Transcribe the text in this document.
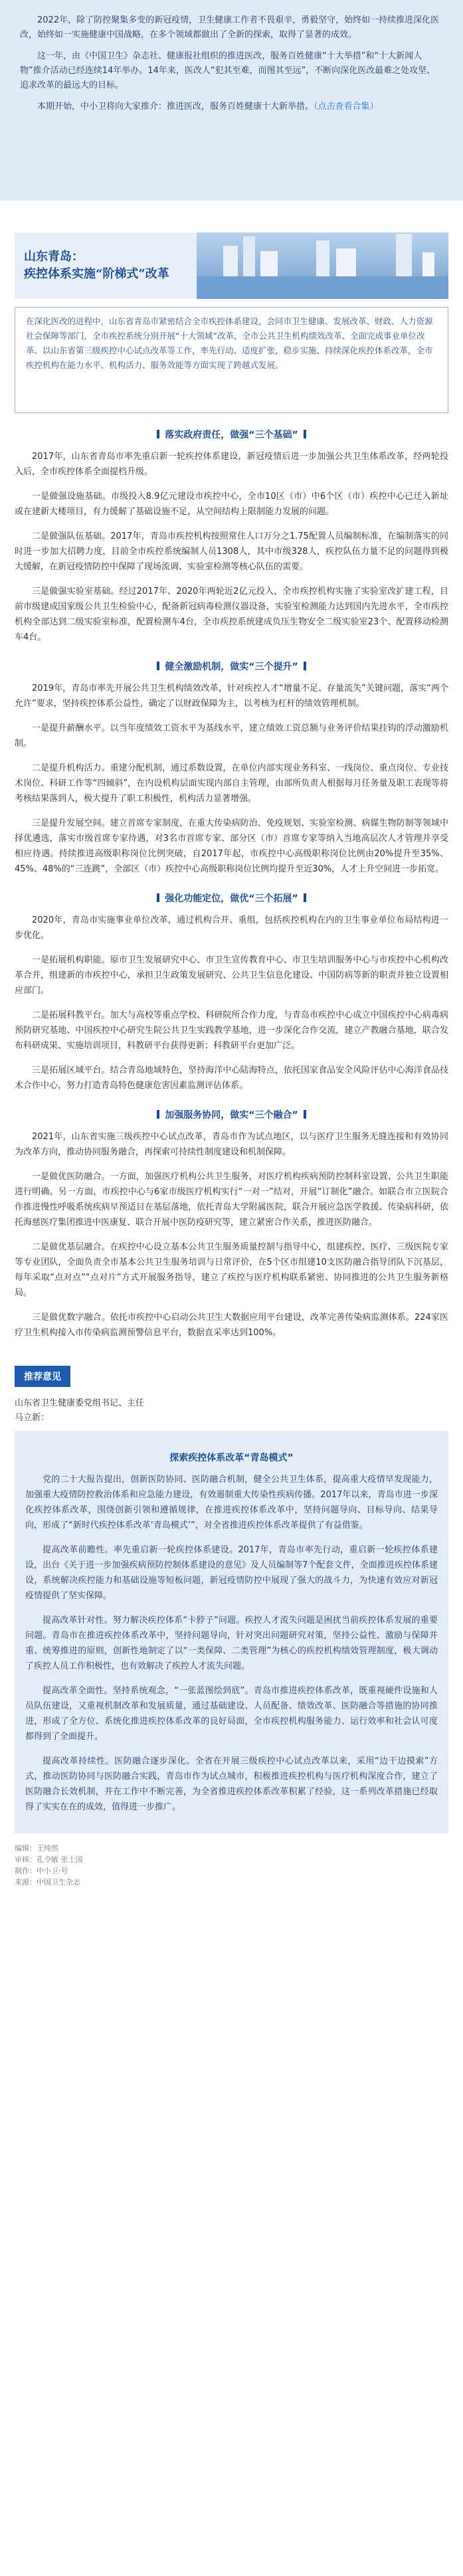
2022年，除了防控聚集多变的新冠疫情，卫生健康工作者不畏艰辛，勇毅坚守，始终如一持续推进深化医改，始终如一实施健康中国战略，在多个领域都做出了全新的探索，取得了显著的成效。

这一年，由《中国卫生》杂志社、健康报社组织的推进医改，服务百姓健康“十大举措”和“十大新闻人物”推介活动已经连续14年举办。14年来，医改人“犯其至难，而图其至远”，不断向深化医改最难之处攻坚、追求改革的最远大的目标。

本期开始，中小卫将向大家推介：推进医改，服务百姓健康十大新举措。（点击查看合集）

山东青岛：
疾控体系实施“阶梯式”改革
在深化医改的进程中，山东省青岛市紧密结合全市疾控体系建设，会同市卫生健康、发展改革、财政、人力资源社会保障等部门，全市疾控系统分别开展“十大领域”改革，全市公共卫生机构绩效改革、全面完成事业单位改革、以山东省第三级疾控中心试点改革等工作，率先行动、适度扩张，稳步实施、持续深化疾控体系改革，全市疾控机构在能力水平、机构活力、服务效能等方面实现了跨越式发展。
落实政府责任，做强“三个基础”

2017年，山东省青岛市率先重启新一轮疾控体系建设，新冠疫情后进一步加强公共卫生体系改革，经两轮投入后，全市疾控体系全面提档升级。

一是做强设施基础。市级投入8.9亿元建设市疾控中心，全市10区（市）中6个区（市）疾控中心已迁入新址或在建新大楼项目，有力缓解了基础设施不足，从空间结构上限制能力发展的问题。

二是做强队伍基础。2017年，青岛市疾控机构按照常住人口万分之1.75配置人员编制标准，在编制落实的同时进一步加大招聘力度，目前全市疾控系统编制人员1308人，其中市级328人，疾控队伍力量不足的问题得到极大缓解，在新冠疫情防控中保障了现场流调、实验室检测等核心队伍的需要。

三是做强实验室基础。经过2017年、2020年两轮近2亿元投入，全市疾控机构实施了实验室改扩建工程，目前市级建成国家级公共卫生检验中心，配备新冠病毒检测仪器设备，实验室检测能力达到国内先进水平，全市疾控机构全部达到二级实验室标准，配置检测车4台，全市疾控系统建成负压生物安全二级实验室23个、配置移动检测车4台。

健全激励机制，做实“三个提升”

2019年，青岛市率先开展公共卫生机构绩效改革，针对疾控人才“增量不足、存量流失”关键问题，落实“两个允许”要求，坚持疾控体系公益性，确定了以财政保障为主，以考核为杠杆的绩效管理机制。

一是提升薪酬水平。以当年度绩效工资水平为基线水平，建立绩效工资总额与业务评价结果挂钩的浮动激励机制。

二是提升机构活力。重建分配机制，通过系数设置，在单位内部实现业务科室、一线岗位、重点岗位、专业技术岗位、科研工作等“四倾斜”，在内设机构层面实现内部自主管理，由部所负责人根据每月任务量及职工表现等将考核结果落到人，极大提升了职工积极性，机构活力显著增强。

三是提升发展空间。建立首席专家制度，在重大传染病防治、免疫规划、实验室检测、病媒生物防制等领域中择优遴选，落实市级首席专家待遇，对3名市首席专家、部分区（市）首席专家等纳入当地高层次人才管理并享受相应待遇。持续推进高级职称岗位比例突破，自2017年起，市疾控中心高级职称岗位比例由20%提升至35%、45%、48%的“三连跳”，全部区（市）疾控中心高级职称岗位比例均提升至近30%，人才上升空间进一步拓宽。

强化功能定位，做优“三个拓展”

2020年，青岛市实施事业单位改革，通过机构合并、重组，包括疾控机构在内的卫生事业单位布局结构进一步优化。

一是拓展机构职能。原市卫生发展研究中心、市卫生宣传教育中心、市卫生培训服务中心与市疾控中心机构改革合并，组建新的市疾控中心，承担卫生政策发展研究、公共卫生信息化建设、中国防病等新的职责并独立设置相应部门。

二是拓展科教平台。加大与高校等重点学校、科研院所合作力度，与青岛市疾控中心成立中国疾控中心病毒病预防研究基地、中国疾控中心研究生院公共卫生实践教学基地，进一步深化合作交流，建立产教融合基地，联合发布科研成果、实施培训项目，科教研平台获得更新；科教研平台更加广泛。

三是拓展区域平台。结合青岛地域特色，坚持海洋中心陆海特点，依托国家食品安全风险评估中心海洋食品技术合作中心，努力打造青岛特色健康危害因素监测评估体系。

加强服务协同，做实“三个融合”

2021年，山东省实施三级疾控中心试点改革，青岛市作为试点地区，以与医疗卫生服务无缝连接和有效协同为改革方向，推动协同服务融合，再探索可持续性制度建设和机制保障。

一是做优医防融合。一方面，加强医疗机构公共卫生服务，对医疗机构疾病预防控制科室设置、公共卫生职能进行明确。另一方面，市疾控中心与6家市级医疗机构实行“一对一”结对，开展“订制化”融合。如联合市立医院合作推进慢性呼吸系统疾病早预适目在基层落地，依托青岛大学附属医院，联合开展应急医学救援、传染病科研，依托海慈医疗集团推进中医康复、联合开展中医防疫研究等，建立紧密合作关系，推进医防融合。

二是做优基层融合。在疾控中心设立基本公共卫生服务质量控制与指导中心，组建疾控、医疗、三级医院专家等专业团队，全面负责全市基本公共卫生服务培训与日常评价，在5个区市组建10支医防融合指导团队下沉基层，每年采取“点对点”“点对片”方式开展服务指导，建立了疾控与医疗机构联系紧密、协同推进的公共卫生服务新格局。

三是做优数字融合。依托市疾控中心启动公共卫生大数据应用平台建设，改革完善传染病监测体系。224家医疗卫生机构接入市传染病监测预警信息平台，数据直采率达到100%。

推荐意见
山东省卫生健康委党组书记、主任
马立新：
探索疾控体系改革“青岛模式”

党的二十大报告提出，创新医防协同、医防融合机制，健全公共卫生体系，提高重大疫情早发现能力，加强重大疫情防控救治体系和应急能力建设，有效遏制重大传染性疾病传播。2017年以来，青岛市进一步深化疾控体系改革，围绕创新引领和遵循规律，在推进疾控体系改革中，坚持问题导向、目标导向、结果导向，形成了“新时代疾控体系改革‘青岛模式’”，对全省推进疾控体系改革提供了有益借鉴。

提高改革前瞻性。率先重启新一轮疾控体系建设。2017年，青岛市率先行动，重启新一轮疾控体系建设，出台《关于进一步加强疾病预防控制体系建设的意见》及人员编制等7个配套文件，全面推进疾控体系建设，系统解决疾控能力和基础设施等短板问题，新冠疫情防控中展现了强大的战斗力，为快速有效应对新冠疫情提供了坚实保障。

提高改革针对性。努力解决疾控体系“卡脖子”问题。疾控人才流失问题是困扰当前疾控体系发展的重要问题。青岛市在推进疾控体系改革中，坚持问题导向，针对突出问题研究对策，坚持公益性、激励与保障并重、统筹推进的原则，创新性地制定了以“一类保障、二类管理”为核心的疾控机构绩效管理制度，极大调动了疾控人员工作积极性，也有效解决了疾控人才流失问题。

提高改革全面性。坚持系统观念，“一张蓝图绘到底”。青岛市推进疾控体系改革，既重视硬件设施和人员队伍建设，又重视机制改革和发展质量，通过基础建设、人员配备、绩效改革、医防融合等措施的协同推进，形成了全方位、系统化推进疾控体系改革的良好局面，全市疾控机构服务能力、运行效率和社会认可度都得到了全面提升。

提高改革持续性。医防融合逐步深化。全省在开展三级疾控中心试点改革以来，采用“边干边摸索”方式，推动医防协同与医防融合实践，青岛市作为试点城市，积极推进疾控机构与医疗机构深度合作，建立了医防融合长效机制，并在工作中不断完善，为全省推进疾控体系改革积累了经验，这一系列改革措施已经取得了实实在在的成效，值得进一步推广。

编辑：王纯然
审核：孔令敏 张士国
制作：中小卫·号
来源：中国卫生杂志
